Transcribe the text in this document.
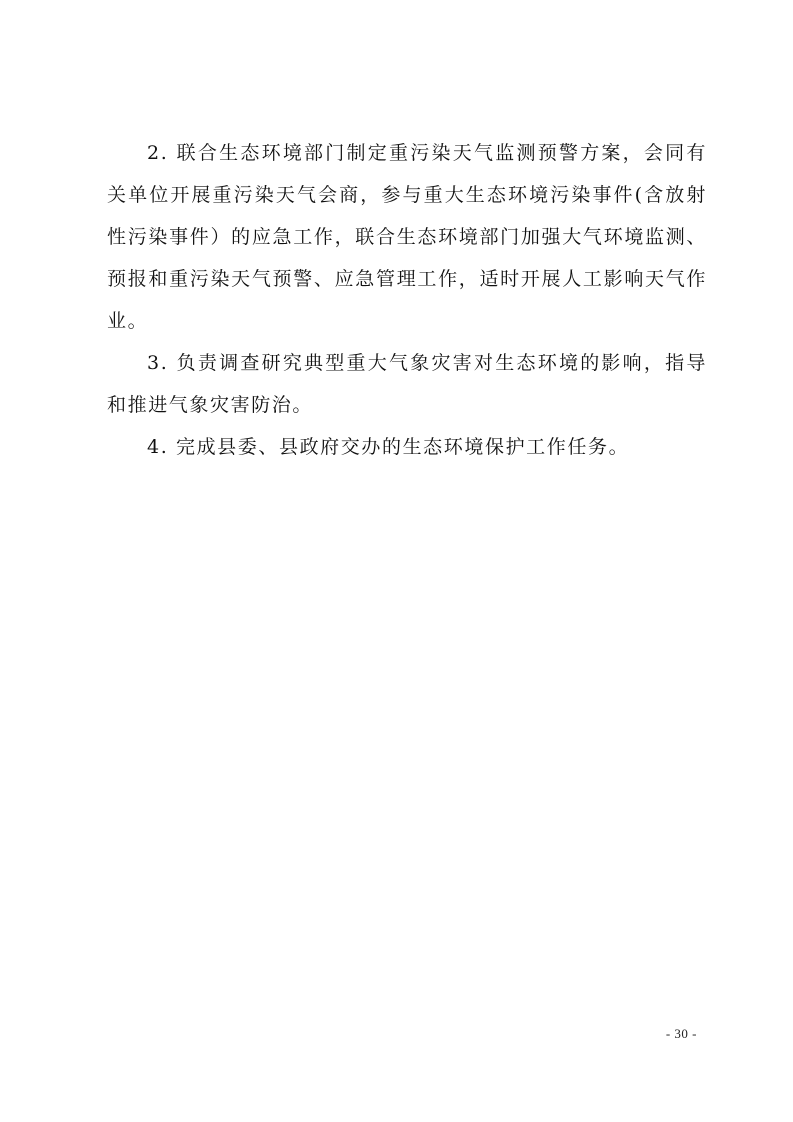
2. 联合生态环境部门制定重污染天气监测预警方案，会同有关单位开展重污染天气会商，参与重大生态环境污染事件(含放射性污染事件）的应急工作，联合生态环境部门加强大气环境监测、预报和重污染天气预警、应急管理工作，适时开展人工影响天气作业。

3. 负责调查研究典型重大气象灾害对生态环境的影响，指导和推进气象灾害防治。

4. 完成县委、县政府交办的生态环境保护工作任务。

- 30 -
